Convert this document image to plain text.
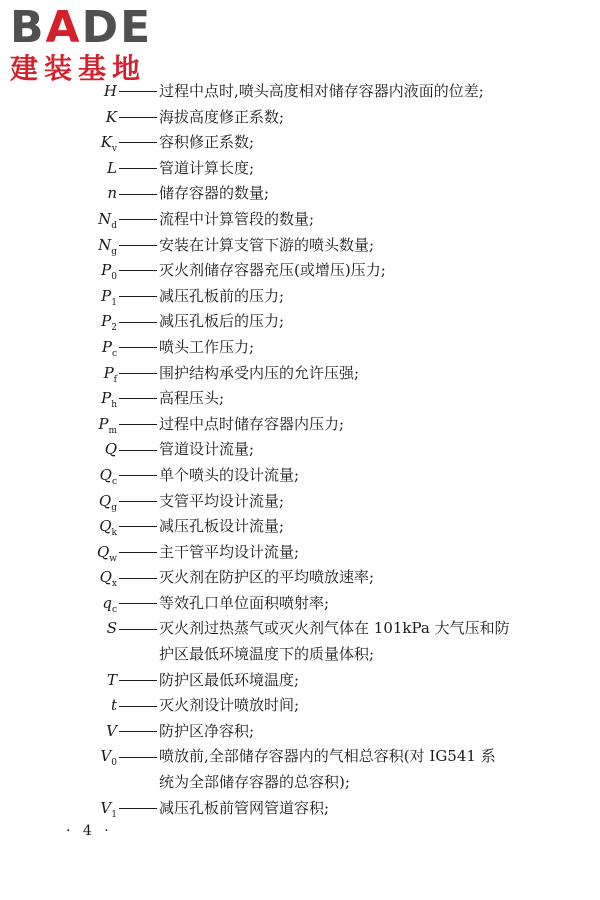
BADE
建装基地
H	过程中点时,喷头高度相对储存容器内液面的位差;
K	海拔高度修正系数;
$K_v$	容积修正系数;
L	管道计算长度;
n	储存容器的数量;
$N_d$	流程中计算管段的数量;
$N_g$	安装在计算支管下游的喷头数量;
$P_0$	灭火剂储存容器充压(或增压)压力;
$P_1$	减压孔板前的压力;
$P_2$	减压孔板后的压力;
$P_c$	喷头工作压力;
$P_f$	围护结构承受内压的允许压强;
$P_h$	高程压头;
$P_m$	过程中点时储存容器内压力;
Q	管道设计流量;
$Q_c$	单个喷头的设计流量;
$Q_g$	支管平均设计流量;
$Q_k$	减压孔板设计流量;
$Q_w$	主干管平均设计流量;
$Q_x$	灭火剂在防护区的平均喷放速率;
$q_c$	等效孔口单位面积喷射率;
S	灭火剂过热蒸气或灭火剂气体在 101kPa 大气压和防
护区最低环境温度下的质量体积;
T	防护区最低环境温度;
t	灭火剂设计喷放时间;
V	防护区净容积;
$V_0$	喷放前,全部储存容器内的气相总容积(对 IG541 系
统为全部储存容器的总容积);
$V_1$	减压孔板前管网管道容积;
· 4 ·
